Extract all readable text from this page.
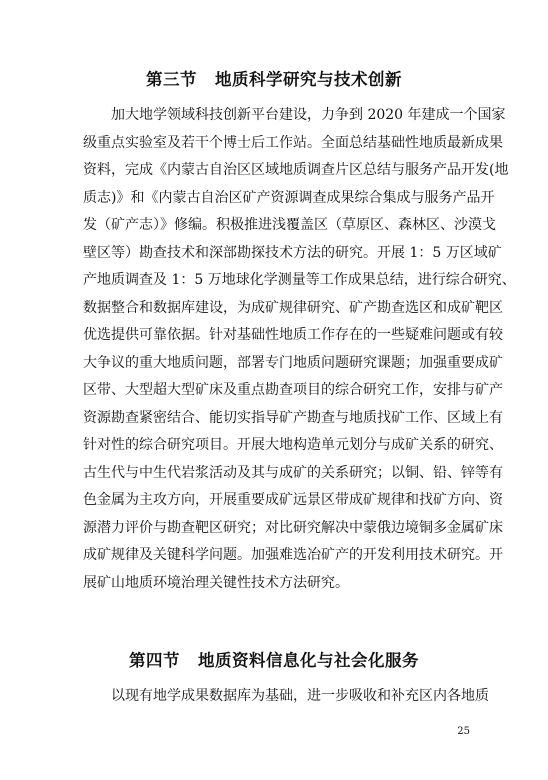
第三节 地质科学研究与技术创新
加大地学领域科技创新平台建设，力争到 2020 年建成一个国家
级重点实验室及若干个博士后工作站。全面总结基础性地质最新成果
资料，完成《内蒙古自治区区域地质调查片区总结与服务产品开发(地
质志)》和《内蒙古自治区矿产资源调查成果综合集成与服务产品开
发（矿产志）》修编。积极推进浅覆盖区（草原区、森林区、沙漠戈
壁区等）勘查技术和深部勘探技术方法的研究。开展 1：5 万区域矿
产地质调查及 1：5 万地球化学测量等工作成果总结，进行综合研究、
数据整合和数据库建设，为成矿规律研究、矿产勘查选区和成矿靶区
优选提供可靠依据。针对基础性地质工作存在的一些疑难问题或有较
大争议的重大地质问题，部署专门地质问题研究课题；加强重要成矿
区带、大型超大型矿床及重点勘查项目的综合研究工作，安排与矿产
资源勘查紧密结合、能切实指导矿产勘查与地质找矿工作、区域上有
针对性的综合研究项目。开展大地构造单元划分与成矿关系的研究、
古生代与中生代岩浆活动及其与成矿的关系研究；以铜、铅、锌等有
色金属为主攻方向，开展重要成矿远景区带成矿规律和找矿方向、资
源潜力评价与勘查靶区研究；对比研究解决中蒙俄边境铜多金属矿床
成矿规律及关键科学问题。加强难选冶矿产的开发利用技术研究。开
展矿山地质环境治理关键性技术方法研究。
第四节 地质资料信息化与社会化服务
以现有地学成果数据库为基础，进一步吸收和补充区内各地质
25
